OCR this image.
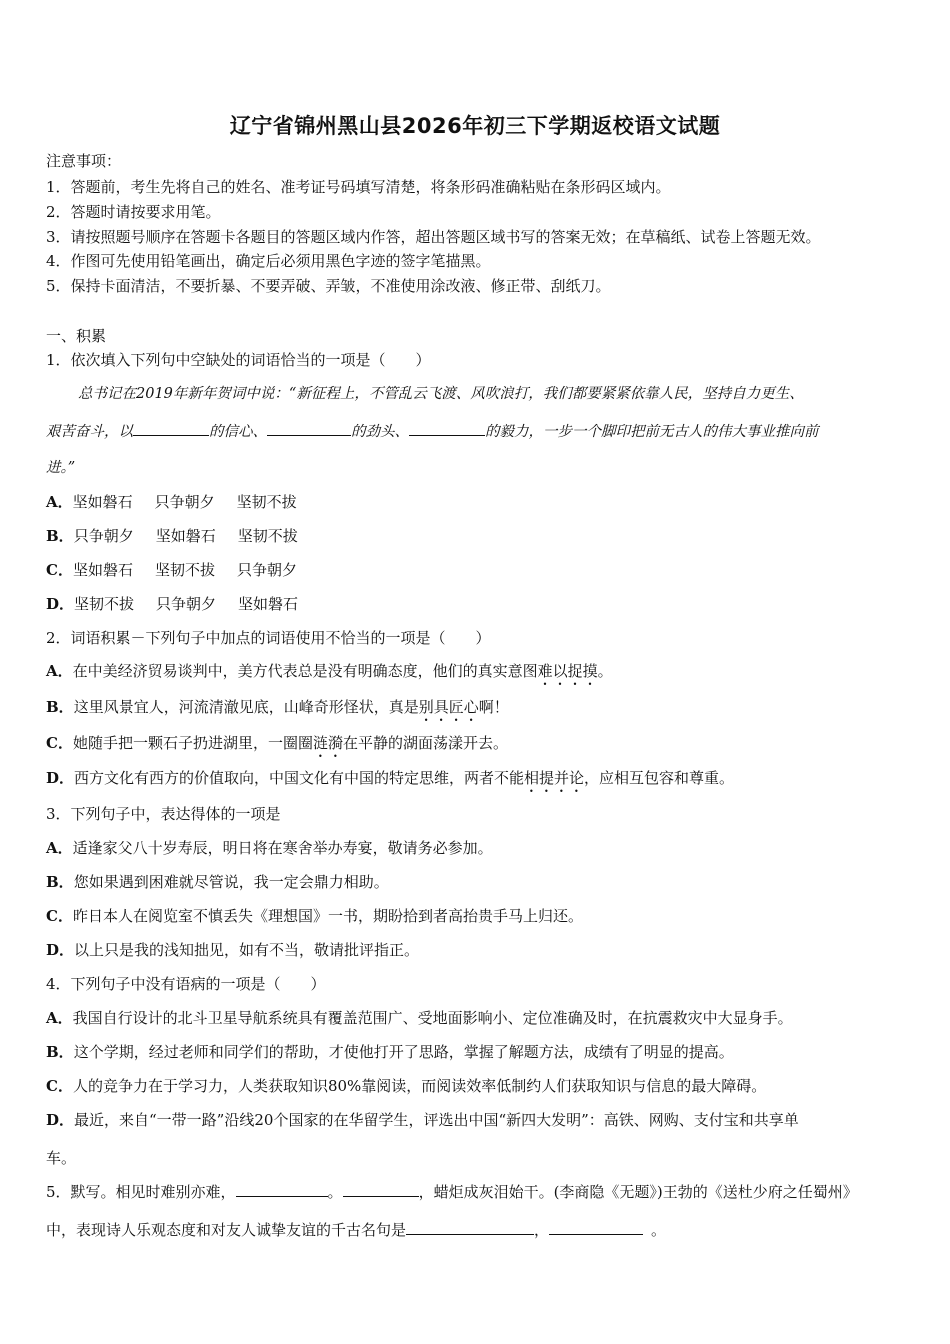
辽宁省锦州黑山县2026年初三下学期返校语文试题
注意事项：
1．答题前，考生先将自己的姓名、准考证号码填写清楚，将条形码准确粘贴在条形码区域内。
2．答题时请按要求用笔。
3．请按照题号顺序在答题卡各题目的答题区域内作答，超出答题区域书写的答案无效；在草稿纸、试卷上答题无效。
4．作图可先使用铅笔画出，确定后必须用黑色字迹的签字笔描黑。
5．保持卡面清洁，不要折暴、不要弄破、弄皱，不准使用涂改液、修正带、刮纸刀。
一、积累
1．依次填入下列句中空缺处的词语恰当的一项是（　　）
总书记在2019年新年贺词中说：“新征程上，不管乱云飞渡、风吹浪打，我们都要紧紧依靠人民，坚持自力更生、
艰苦奋斗，以	的信心、	的劲头、	的毅力，一步一个脚印把前无古人的伟大事业推向前
进。”
A．坚如磐石 只争朝夕 坚韧不拔
B．只争朝夕 坚如磐石 坚韧不拔
C．坚如磐石 坚韧不拔 只争朝夕
D．坚韧不拔 只争朝夕 坚如磐石
2．词语积累－下列句子中加点的词语使用不恰当的一项是（　　）
A．在中美经济贸易谈判中，美方代表总是没有明确态度，他们的真实意图难以捉摸。
B．这里风景宜人，河流清澈见底，山峰奇形怪状，真是别具匠心啊！
C．她随手把一颗石子扔进湖里，一圈圈涟漪在平静的湖面荡漾开去。
D．西方文化有西方的价值取向，中国文化有中国的特定思维，两者不能相提并论，应相互包容和尊重。
3．下列句子中，表达得体的一项是
A．适逢家父八十岁寿辰，明日将在寒舍举办寿宴，敬请务必参加。
B．您如果遇到困难就尽管说，我一定会鼎力相助。
C．昨日本人在阅览室不慎丢失《理想国》一书，期盼拾到者高抬贵手马上归还。
D．以上只是我的浅知拙见，如有不当，敬请批评指正。
4．下列句子中没有语病的一项是（　　）
A．我国自行设计的北斗卫星导航系统具有覆盖范围广、受地面影响小、定位准确及时，在抗震救灾中大显身手。
B．这个学期，经过老师和同学们的帮助，才使他打开了思路，掌握了解题方法，成绩有了明显的提高。
C．人的竞争力在于学习力，人类获取知识80%靠阅读，而阅读效率低制约人们获取知识与信息的最大障碍。
D．最近，来自“一带一路”沿线20个国家的在华留学生，评选出中国“新四大发明”：高铁、网购、支付宝和共享单
车。
5．默写。相见时难别亦难，	。	，蜡炬成灰泪始干。(李商隐《无题》)王勃的《送杜少府之任蜀州》
中，表现诗人乐观态度和对友人诚挚友谊的千古名句是	，	。
